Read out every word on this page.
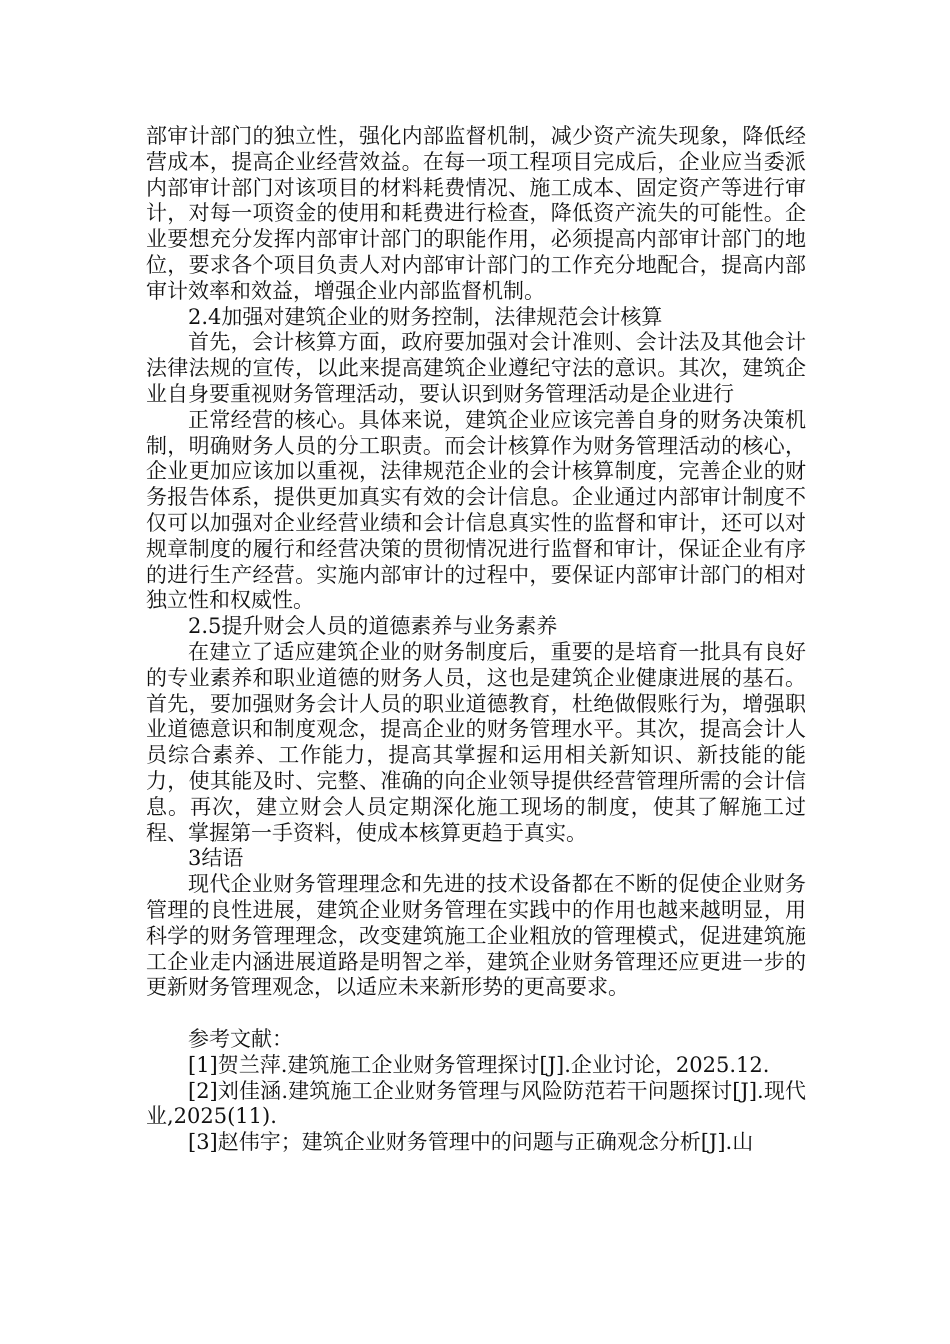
部审计部门的独立性，强化内部监督机制，减少资产流失现象，降低经营成本，提高企业经营效益。在每一项工程项目完成后，企业应当委派内部审计部门对该项目的材料耗费情况、施工成本、固定资产等进行审计，对每一项资金的使用和耗费进行检查，降低资产流失的可能性。企业要想充分发挥内部审计部门的职能作用，必须提高内部审计部门的地位，要求各个项目负责人对内部审计部门的工作充分地配合，提高内部审计效率和效益，增强企业内部监督机制。

2.4加强对建筑企业的财务控制，法律规范会计核算

首先，会计核算方面，政府要加强对会计准则、会计法及其他会计法律法规的宣传，以此来提高建筑企业遵纪守法的意识。其次，建筑企业自身要重视财务管理活动，要认识到财务管理活动是企业进行

正常经营的核心。具体来说，建筑企业应该完善自身的财务决策机制，明确财务人员的分工职责。而会计核算作为财务管理活动的核心，企业更加应该加以重视，法律规范企业的会计核算制度，完善企业的财务报告体系，提供更加真实有效的会计信息。企业通过内部审计制度不仅可以加强对企业经营业绩和会计信息真实性的监督和审计，还可以对规章制度的履行和经营决策的贯彻情况进行监督和审计，保证企业有序的进行生产经营。实施内部审计的过程中，要保证内部审计部门的相对独立性和权威性。

2.5提升财会人员的道德素养与业务素养

在建立了适应建筑企业的财务制度后，重要的是培育一批具有良好的专业素养和职业道德的财务人员，这也是建筑企业健康进展的基石。首先，要加强财务会计人员的职业道德教育，杜绝做假账行为，增强职业道德意识和制度观念，提高企业的财务管理水平。其次，提高会计人员综合素养、工作能力，提高其掌握和运用相关新知识、新技能的能力，使其能及时、完整、准确的向企业领导提供经营管理所需的会计信息。再次，建立财会人员定期深化施工现场的制度，使其了解施工过程、掌握第一手资料，使成本核算更趋于真实。

3结语

现代企业财务管理理念和先进的技术设备都在不断的促使企业财务管理的良性进展，建筑企业财务管理在实践中的作用也越来越明显，用科学的财务管理理念，改变建筑施工企业粗放的管理模式，促进建筑施工企业走内涵进展道路是明智之举，建筑企业财务管理还应更进一步的更新财务管理观念，以适应未来新形势的更高要求。

参考文献：

[1]贺兰萍.建筑施工企业财务管理探讨[J].企业讨论，2025.12.

[2]刘佳涵.建筑施工企业财务管理与风险防范若干问题探讨[J].现代业,2025(11).

[3]赵伟宇；建筑企业财务管理中的问题与正确观念分析[J].山
